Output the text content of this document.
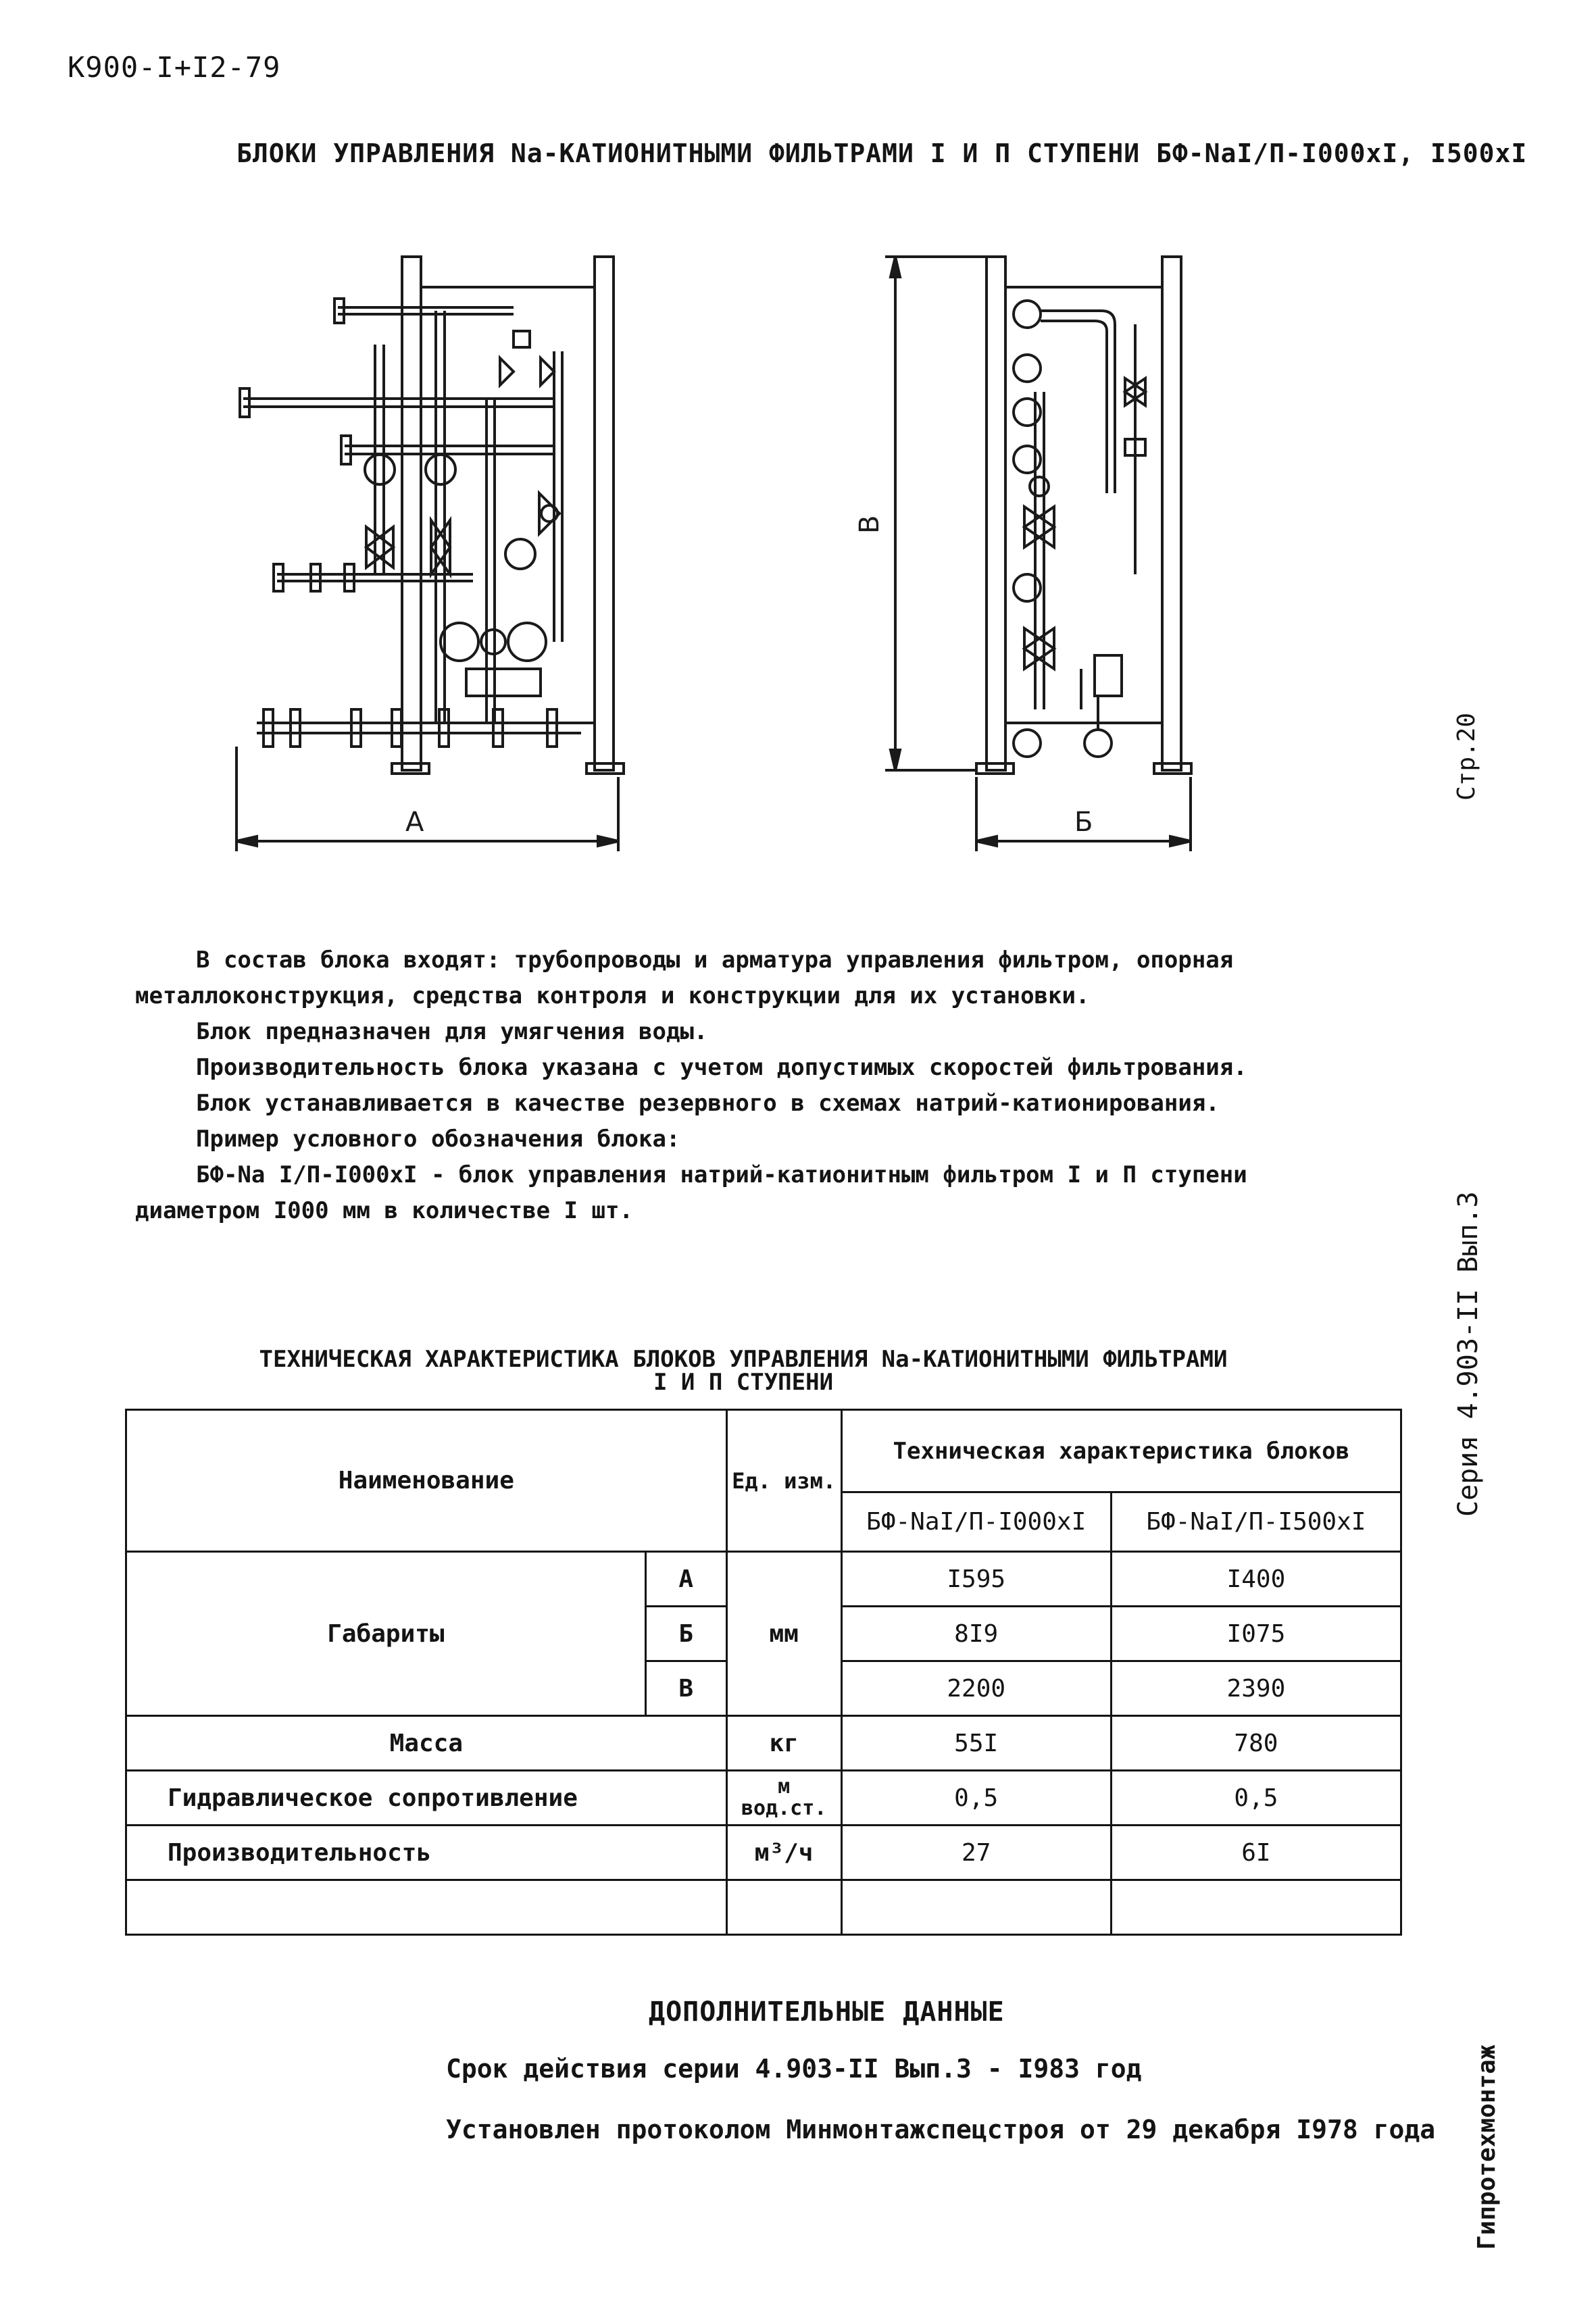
К900-I+I2-79
БЛОКИ УПРАВЛЕНИЯ Nа-КАТИОНИТНЫМИ ФИЛЬТРАМИ I И П СТУПЕНИ БФ-NаI/П-I000хI, I500хI
Стр.20
Серия 4.903-II Вып.3
Гипротехмонтаж
А	Б
В

В состав блока входят: трубопроводы и арматура управления фильтром, опорная

металлоконструкция, средства контроля и конструкции для их установки.

Блок предназначен для умягчения воды.

Производительность блока указана с учетом допустимых скоростей фильтрования.

Блок устанавливается в качестве резервного в схемах натрий-катионирования.

Пример условного обозначения блока:

БФ-Nа I/П-I000хI - блок управления натрий-катионитным фильтром I и П ступени

диаметром I000 мм в количестве I шт.

ТЕХНИЧЕСКАЯ ХАРАКТЕРИСТИКА БЛОКОВ УПРАВЛЕНИЯ Nа-КАТИОНИТНЫМИ ФИЛЬТРАМИ
I И П СТУПЕНИ
Наименование		Ед. изм.	Техническая характеристика блоков	
			БФ-NаI/П-I000хI	БФ-NаI/П-I500хI
Габариты	А	мм	I595	I400
	Б		8I9	I075
	В		2200	2390
Масса		кг	55I	780
Гидравлическое сопротивление		м вод.ст.	0,5	0,5
Производительность		м³/ч	27	6I

ДОПОЛНИТЕЛЬНЫЕ ДАННЫЕ
Срок действия серии 4.903-II Вып.3 - I983 год
Установлен протоколом Минмонтажспецстроя от 29 декабря I978 года
